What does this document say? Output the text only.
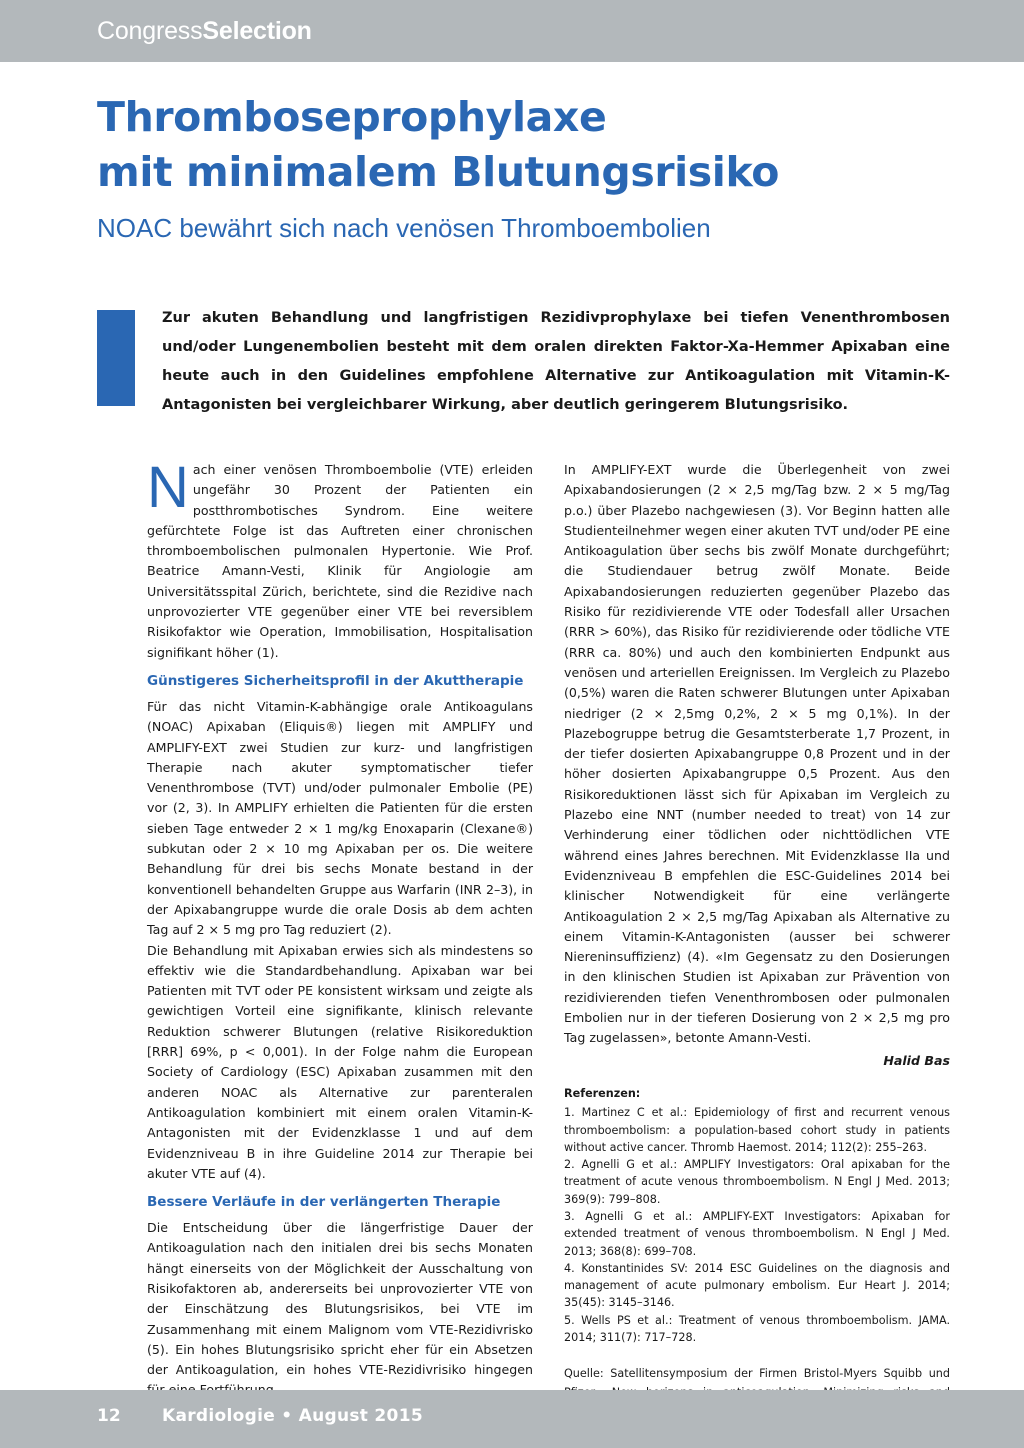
CongressSelection
Thromboseprophylaxe
mit minimalem Blutungsrisiko
NOAC bewährt sich nach venösen Thromboembolien

Zur akuten Behandlung und langfristigen Rezidivprophylaxe bei tiefen Venenthrombosen und/oder Lungenembolien besteht mit dem oralen direkten Faktor-Xa-Hemmer Apixaban eine heute auch in den Guidelines empfohlene Alternative zur Antikoagulation mit Vitamin-K-Antagonisten bei vergleichbarer Wirkung, aber deutlich geringerem Blutungsrisiko.

Nach einer venösen Thromboembolie (VTE) erleiden ungefähr 30 Prozent der Patienten ein postthrombotisches Syndrom. Eine weitere gefürchtete Folge ist das Auftreten einer chronischen thromboembolischen pulmonalen Hypertonie. Wie Prof. Beatrice Amann-Vesti, Klinik für Angiologie am Universitätsspital Zürich, berichtete, sind die Rezidive nach unprovozierter VTE gegenüber einer VTE bei reversiblem Risikofaktor wie Operation, Immobilisation, Hospitalisation signifikant höher (1).

Günstigeres Sicherheitsprofil in der Akuttherapie

Für das nicht Vitamin-K-abhängige orale Antikoagulans (NOAC) Apixaban (Eliquis®) liegen mit AMPLIFY und AMPLIFY-EXT zwei Studien zur kurz- und langfristigen Therapie nach akuter symptomatischer tiefer Venenthrombose (TVT) und/oder pulmonaler Embolie (PE) vor (2, 3). In AMPLIFY erhielten die Patienten für die ersten sieben Tage entweder 2 × 1 mg/kg Enoxaparin (Clexane®) subkutan oder 2 × 10 mg Apixaban per os. Die weitere Behandlung für drei bis sechs Monate bestand in der konventionell behandelten Gruppe aus Warfarin (INR 2–3), in der Apixabangruppe wurde die orale Dosis ab dem achten Tag auf 2 × 5 mg pro Tag reduziert (2).

Die Behandlung mit Apixaban erwies sich als mindestens so effektiv wie die Standardbehandlung. Apixaban war bei Patienten mit TVT oder PE konsistent wirksam und zeigte als gewichtigen Vorteil eine signifikante, klinisch relevante Reduktion schwerer Blutungen (relative Risikoreduktion [RRR] 69%, p < 0,001). In der Folge nahm die European Society of Cardiology (ESC) Apixaban zusammen mit den anderen NOAC als Alternative zur parenteralen Antikoagulation kombiniert mit einem oralen Vitamin-K-Antagonisten mit der Evidenzklasse 1 und auf dem Evidenzniveau B in ihre Guideline 2014 zur Therapie bei akuter VTE auf (4).

Bessere Verläufe in der verlängerten Therapie

Die Entscheidung über die längerfristige Dauer der Antikoagulation nach den initialen drei bis sechs Monaten hängt einerseits von der Möglichkeit der Ausschaltung von Risikofaktoren ab, andererseits bei unprovozierter VTE von der Einschätzung des Blutungsrisikos, bei VTE im Zusammenhang mit einem Malignom vom VTE-Rezidivrisko (5). Ein hohes Blutungsrisiko spricht eher für ein Absetzen der Antikoagulation, ein hohes VTE-Rezidivrisiko hingegen

In AMPLIFY-EXT wurde die Überlegenheit von zwei Apixabandosierungen (2 × 2,5 mg/Tag bzw. 2 × 5 mg/Tag p.o.) über Plazebo nachgewiesen (3). Vor Beginn hatten alle Studienteilnehmer wegen einer akuten TVT und/oder PE eine Antikoagulation über sechs bis zwölf Monate durchgeführt; die Studiendauer betrug zwölf Monate. Beide Apixabandosierungen reduzierten gegenüber Plazebo das Risiko für rezidivierende VTE oder Todesfall aller Ursachen (RRR > 60%), das Risiko für rezidivierende oder tödliche VTE (RRR ca. 80%) und auch den kombinierten Endpunkt aus venösen und arteriellen Ereignissen. Im Vergleich zu Plazebo (0,5%) waren die Raten schwerer Blutungen unter Apixaban niedriger (2 × 2,5mg 0,2%, 2 × 5 mg 0,1%). In der Plazebogruppe betrug die Gesamtsterberate 1,7 Prozent, in der tiefer dosierten Apixabangruppe 0,8 Prozent und in der höher dosierten Apixabangruppe 0,5 Prozent. Aus den Risikoreduktionen lässt sich für Apixaban im Vergleich zu Plazebo eine NNT (number needed to treat) von 14 zur Verhinderung einer tödlichen oder nichttödlichen VTE während eines Jahres berechnen. Mit Evidenzklasse IIa und Evidenzniveau B empfehlen die ESC-Guidelines 2014 bei klinischer Notwendigkeit für eine verlängerte Antikoagulation 2 × 2,5 mg/Tag Apixaban als Alternative zu einem Vitamin-K-Antagonisten (ausser bei schwerer Niereninsuffizienz) (4). «Im Gegensatz zu den Dosierungen in den klinischen Studien ist Apixaban zur Prävention von rezidivierenden tiefen Venenthrombosen oder pulmonalen Embolien nur in der tieferen Dosierung von 2 × 2,5 mg pro Tag zugelassen», betonte Amann-Vesti.

Halid Bas

Referenzen:
1. Martinez C et al.: Epidemiology of first and recurrent venous thromboembolism: a population-based cohort study in patients without active cancer. Thromb Haemost. 2014; 112(2): 255–263.
2. Agnelli G et al.: AMPLIFY Investigators: Oral apixaban for the treatment of acute venous thromboembolism. N Engl J Med. 2013; 369(9): 799–808.
3. Agnelli G et al.: AMPLIFY-EXT Investigators: Apixaban for extended treatment of venous thromboembolism. N Engl J Med. 2013; 368(8): 699–708.
4. Konstantinides SV: 2014 ESC Guidelines on the diagnosis and management of acute pulmonary embolism. Eur Heart J. 2014; 35(45): 3145–3146.
5. Wells PS et al.: Treatment of venous thromboembolism. JAMA. 2014; 311(7): 717–728.

Quelle: Satellitensymposium der Firmen Bristol-Myers Squibb und

12 Kardiologie • August 2015
